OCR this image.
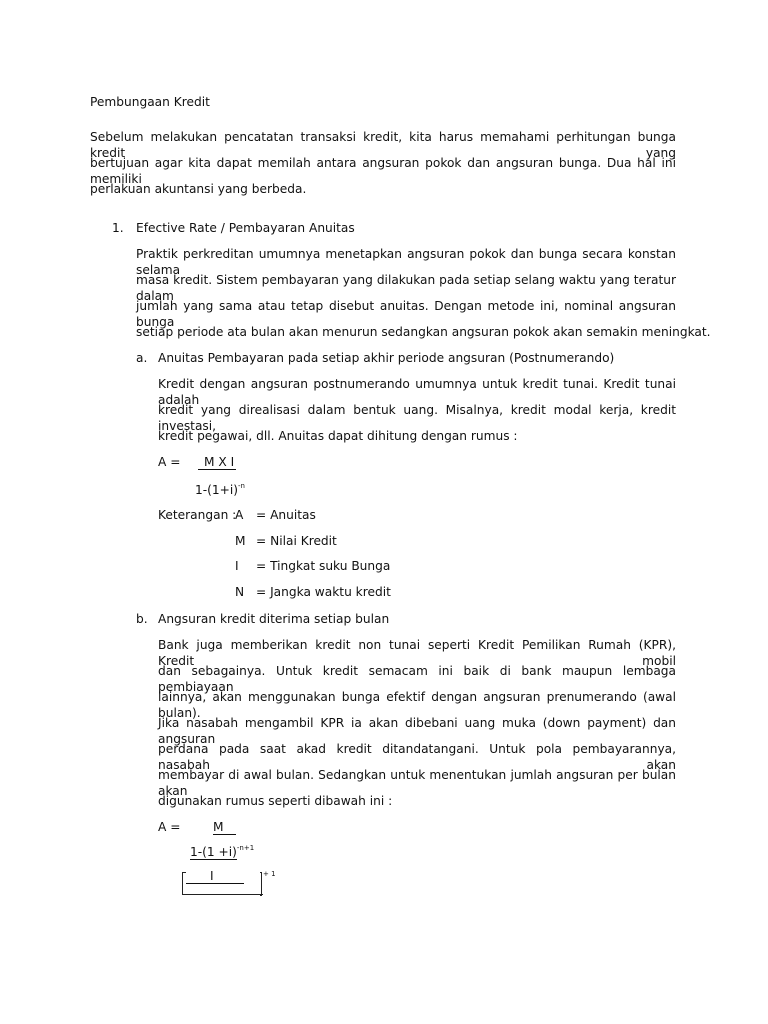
Pembungaan Kredit
Sebelum melakukan pencatatan transaksi kredit, kita harus memahami perhitungan bunga kredit yang
bertujuan agar kita dapat memilah antara angsuran pokok dan angsuran bunga. Dua hal ini memiliki
perlakuan akuntansi yang berbeda.
1. Efective Rate / Pembayaran Anuitas
Praktik perkreditan umumnya menetapkan angsuran pokok dan bunga secara konstan selama
masa kredit. Sistem pembayaran yang dilakukan pada setiap selang waktu yang teratur dalam
jumlah yang sama atau tetap disebut anuitas. Dengan metode ini, nominal angsuran bunga
setiap periode ata bulan akan menurun sedangkan angsuran pokok akan semakin meningkat.
a. Anuitas Pembayaran pada setiap akhir periode angsuran (Postnumerando)
Kredit dengan angsuran postnumerando umumnya untuk kredit tunai. Kredit tunai adalah
kredit yang direalisasi dalam bentuk uang. Misalnya, kredit modal kerja, kredit investasi,
kredit pegawai, dll. Anuitas dapat dihitung dengan rumus :
A =	M X I
$1-(1+i)^{-n}$
Keterangan :
A = Anuitas
M = Nilai Kredit
I = Tingkat suku Bunga
N = Jangka waktu kredit
b. Angsuran kredit diterima setiap bulan
Bank juga memberikan kredit non tunai seperti Kredit Pemilikan Rumah (KPR), Kredit mobil
dan sebagainya. Untuk kredit semacam ini baik di bank maupun lembaga pembiayaan
lainnya, akan menggunakan bunga efektif dengan angsuran prenumerando (awal bulan).
Jika nasabah mengambil KPR ia akan dibebani uang muka (down payment) dan angsuran
perdana pada saat akad kredit ditandatangani. Untuk pola pembayarannya, nasabah akan
membayar di awal bulan. Sedangkan untuk menentukan jumlah angsuran per bulan akan
digunakan rumus seperti dibawah ini :
A =	M
$1-(1 +i)^{-n+1}$
I	+ 1
